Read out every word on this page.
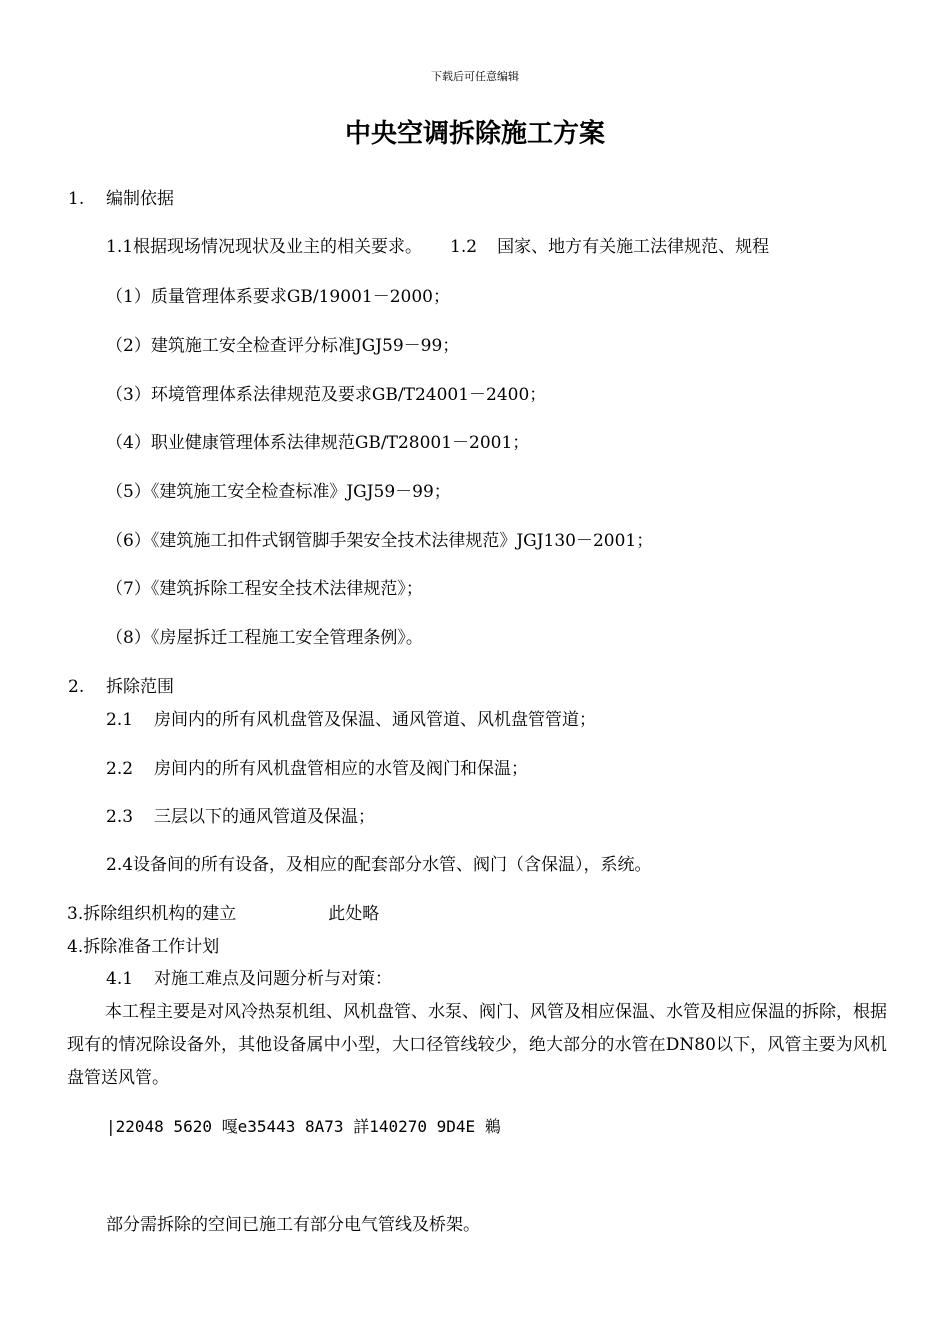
下载后可任意编辑
中央空调拆除施工方案
1. 编制依据
1.1根据现场情况现状及业主的相关要求。 1.2 国家、地方有关施工法律规范、规程
（1）质量管理体系要求GB/19001－2000；
（2）建筑施工安全检查评分标准JGJ59－99；
（3）环境管理体系法律规范及要求GB/T24001－2400；
（4）职业健康管理体系法律规范GB/T28001－2001；
（5）《建筑施工安全检查标准》JGJ59－99；
（6）《建筑施工扣件式钢管脚手架安全技术法律规范》JGJ130－2001；
（7）《建筑拆除工程安全技术法律规范》；
（8）《房屋拆迁工程施工安全管理条例》。
2. 拆除范围
2.1 房间内的所有风机盘管及保温、通风管道、风机盘管管道；
2.2 房间内的所有风机盘管相应的水管及阀门和保温；
2.3 三层以下的通风管道及保温；
2.4设备间的所有设备，及相应的配套部分水管、阀门（含保温），系统。
3.拆除组织机构的建立	此处略
4.拆除准备工作计划
4.1 对施工难点及问题分析与对策：
本工程主要是对风冷热泵机组、风机盘管、水泵、阀门、风管及相应保温、水管及相应保温的拆除，根据现有的情况除设备外，其他设备属中小型，大口径管线较少，绝大部分的水管在DN80以下，风管主要为风机盘管送风管。
|22048 5620 嘎e35443 8A73 詳140270 9D4E 鵜
部分需拆除的空间已施工有部分电气管线及桥架。
